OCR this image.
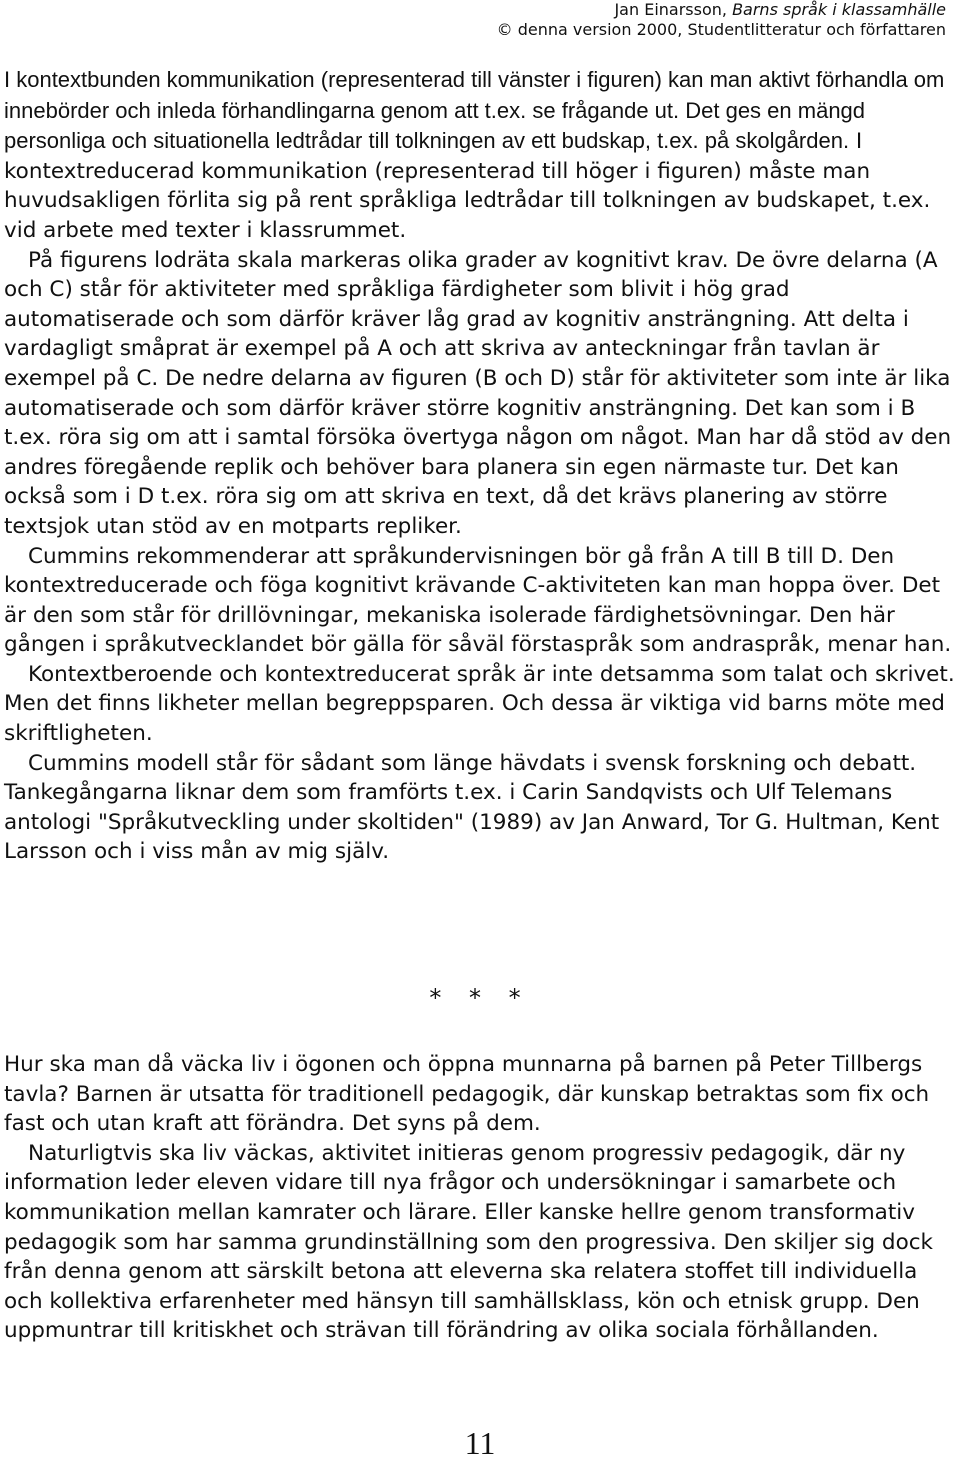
Jan Einarsson, Barns språk i klassamhälle
© denna version 2000, Studentlitteratur och författaren

I kontextbunden kommunikation (representerad till vänster i figuren) kan man aktivt förhandla om innebörder och inleda förhandlingarna genom att t.ex. se frågande ut. Det ges en mängd personliga och situationella ledtrådar till tolkningen av ett budskap, t.ex. på skolgården. I kontextreducerad kommunikation (representerad till höger i figuren) måste man huvudsakligen förlita sig på rent språkliga ledtrådar till tolkningen av budskapet, t.ex. vid arbete med texter i klassrummet.

På figurens lodräta skala markeras olika grader av kognitivt krav. De övre delarna (A och C) står för aktiviteter med språkliga färdigheter som blivit i hög grad automatiserade och som därför kräver låg grad av kognitiv ansträngning. Att delta i vardagligt småprat är exempel på A och att skriva av anteckningar från tavlan är exempel på C. De nedre delarna av figuren (B och D) står för aktiviteter som inte är lika automatiserade och som därför kräver större kognitiv ansträngning. Det kan som i B t.ex. röra sig om att i samtal försöka övertyga någon om något. Man har då stöd av den andres föregående replik och behöver bara planera sin egen närmaste tur. Det kan också som i D t.ex. röra sig om att skriva en text, då det krävs planering av större textsjok utan stöd av en motparts repliker.

Cummins rekommenderar att språkundervisningen bör gå från A till B till D. Den kontextreducerade och föga kognitivt krävande C-aktiviteten kan man hoppa över. Det är den som står för drillövningar, mekaniska isolerade färdighetsövningar. Den här gången i språkutvecklandet bör gälla för såväl förstaspråk som andraspråk, menar han.

Kontextberoende och kontextreducerat språk är inte detsamma som talat och skrivet. Men det finns likheter mellan begreppsparen. Och dessa är viktiga vid barns möte med skriftligheten.

Cummins modell står för sådant som länge hävdats i svensk forskning och debatt. Tankegångarna liknar dem som framförts t.ex. i Carin Sandqvists och Ulf Telemans antologi "Språkutveckling under skoltiden" (1989) av Jan Anward, Tor G. Hultman, Kent Larsson och i viss mån av mig själv.

* * *

Hur ska man då väcka liv i ögonen och öppna munnarna på barnen på Peter Tillbergs tavla? Barnen är utsatta för traditionell pedagogik, där kunskap betraktas som fix och fast och utan kraft att förändra. Det syns på dem.

Naturligtvis ska liv väckas, aktivitet initieras genom progressiv pedagogik, där ny information leder eleven vidare till nya frågor och undersökningar i samarbete och kommunikation mellan kamrater och lärare. Eller kanske hellre genom transformativ pedagogik som har samma grundinställning som den progressiva. Den skiljer sig dock från denna genom att särskilt betona att eleverna ska relatera stoffet till individuella och kollektiva erfarenheter med hänsyn till samhällsklass, kön och etnisk grupp. Den uppmuntrar till kritiskhet och strävan till förändring av olika sociala förhållanden.

11
